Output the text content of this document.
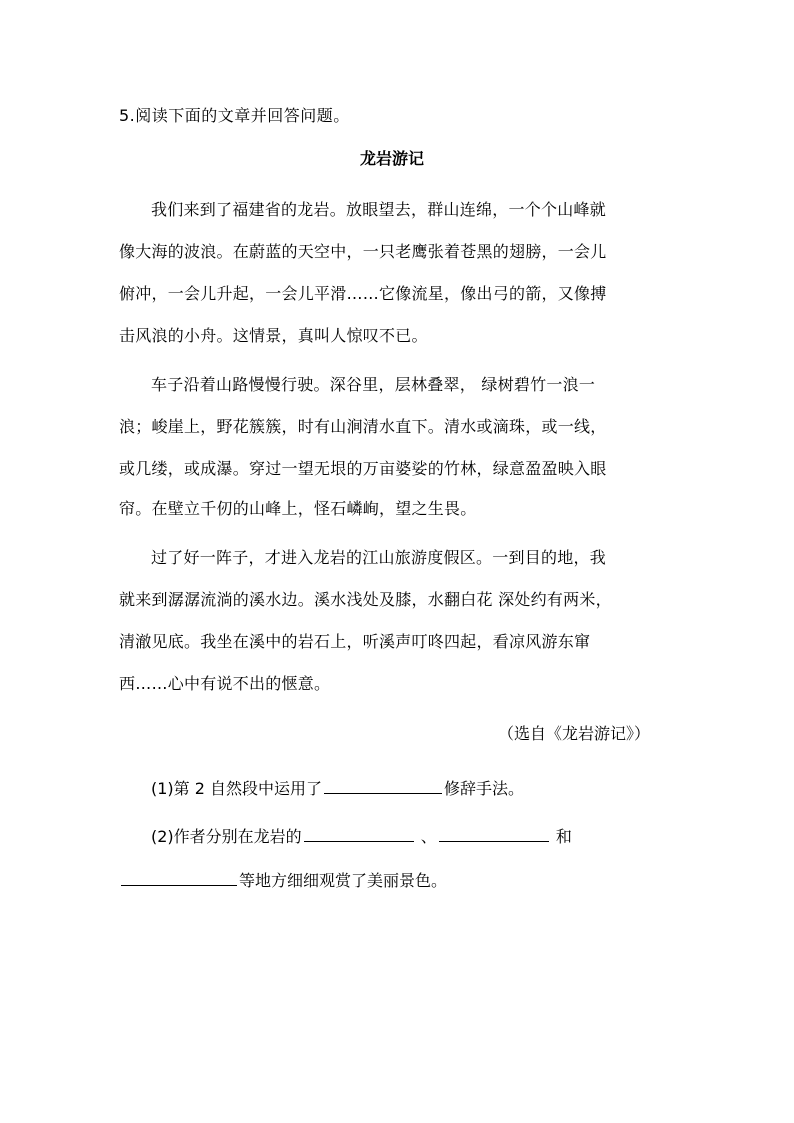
5.阅读下面的文章并回答问题。
龙岩游记
我们来到了福建省的龙岩。放眼望去，群山连绵，一个个山峰就
像大海的波浪。在蔚蓝的天空中，一只老鹰张着苍黑的翅膀，一会儿
俯冲，一会儿升起，一会儿平滑……它像流星，像出弓的箭，又像搏
击风浪的小舟。这情景，真叫人惊叹不已。
车子沿着山路慢慢行驶。深谷里，层林叠翠， 绿树碧竹一浪一
浪；峻崖上，野花簇簇，时有山涧清水直下。清水或滴珠，或一线，
或几缕，或成瀑。穿过一望无垠的万亩婆娑的竹林，绿意盈盈映入眼
帘。在壁立千仞的山峰上，怪石嶙峋，望之生畏。
过了好一阵子，才进入龙岩的江山旅游度假区。一到目的地，我
就来到潺潺流淌的溪水边。溪水浅处及膝，水翻白花 深处约有两米，
清澈见底。我坐在溪中的岩石上，听溪声叮咚四起，看凉风游东窜
西……心中有说不出的惬意。
（选自《龙岩游记》）
(1)第 2 自然段中运用了	修辞手法。
(2)作者分别在龙岩的	、	和
等地方细细观赏了美丽景色。
